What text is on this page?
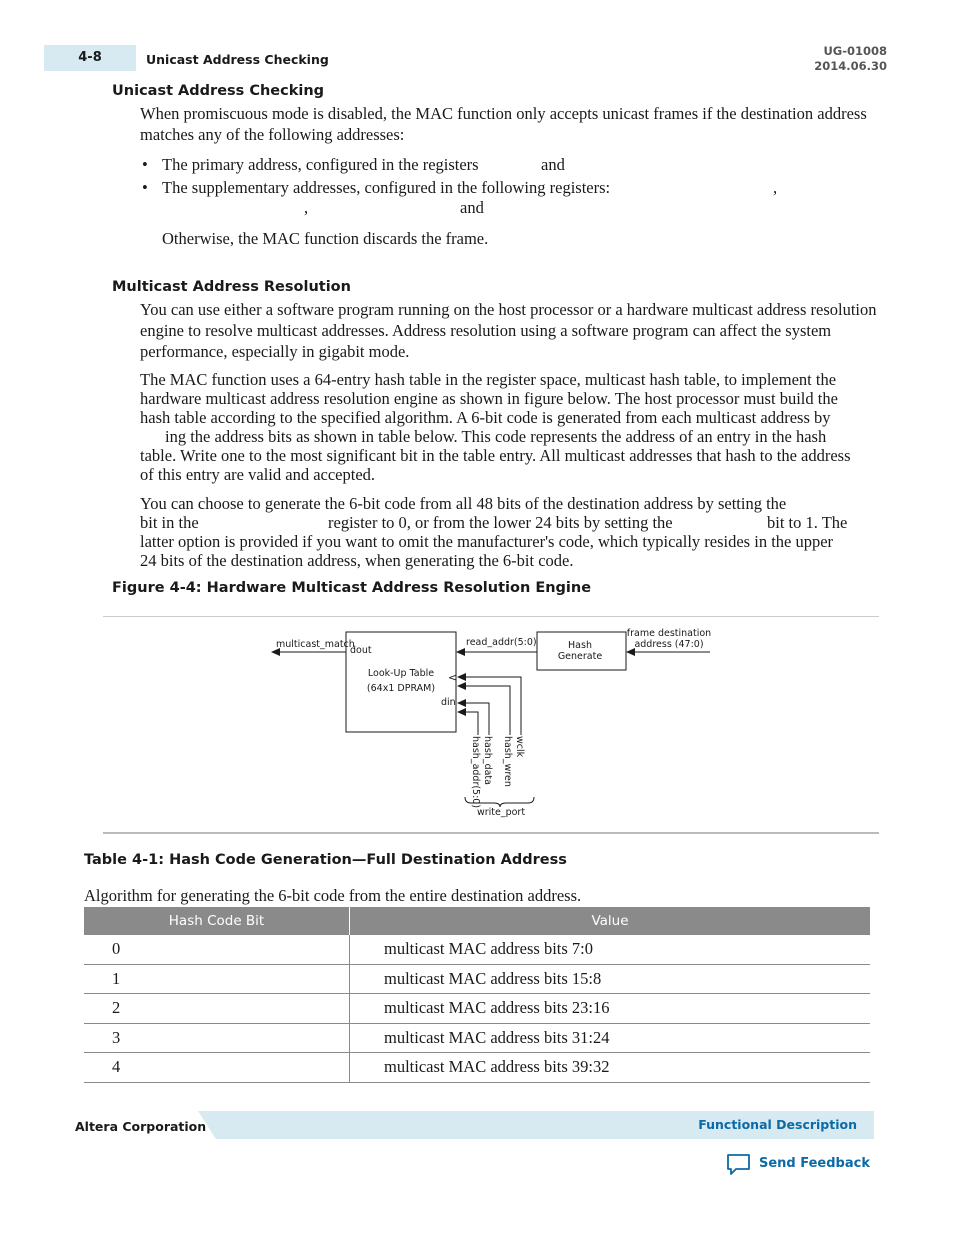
4-8	Unicast Address Checking
UG-01008
2014.06.30
Unicast Address Checking
When promiscuous mode is disabled, the MAC function only accepts unicast frames if the destination address matches any of the following addresses:
• The primary address, configured in the registers	and
• The supplementary addresses, configured in the following registers:	,
,	and
Otherwise, the MAC function discards the frame.
Multicast Address Resolution
You can use either a software program running on the host processor or a hardware multicast address resolution engine to resolve multicast addresses. Address resolution using a software program can affect the system performance, especially in gigabit mode.
The MAC function uses a 64-entry hash table in the register space, multicast hash table, to implement the
hardware multicast address resolution engine as shown in figure below. The host processor must build the
hash table according to the specified algorithm. A 6-bit code is generated from each multicast address by
ing the address bits as shown in table below. This code represents the address of an entry in the hash
table. Write one to the most significant bit in the table entry. All multicast addresses that hash to the address
of this entry are valid and accepted.
You can choose to generate the 6-bit code from all 48 bits of the destination address by setting the
bit in the	register to 0, or from the lower 24 bits by setting the	bit to 1. The
latter option is provided if you want to omit the manufacturer's code, which typically resides in the upper
24 bits of the destination address, when generating the 6-bit code.
Figure 4-4: Hardware Multicast Address Resolution Engine
dout
Look-Up Table
(64x1 DPRAM)
din
<
multicast_match	Hash
Generate
read_addr(5:0)
frame destination
address (47:0)
wclk
hash_wren
hash_data
hash_addr(5:0)
write_port
Table 4-1: Hash Code Generation—Full Destination Address
Algorithm for generating the 6-bit code from the entire destination address.
Hash Code Bit	Value
0	multicast MAC address bits 7:0
1	multicast MAC address bits 15:8
2	multicast MAC address bits 23:16
3	multicast MAC address bits 31:24
4	multicast MAC address bits 39:32
Altera Corporation	Functional Description
Send Feedback
